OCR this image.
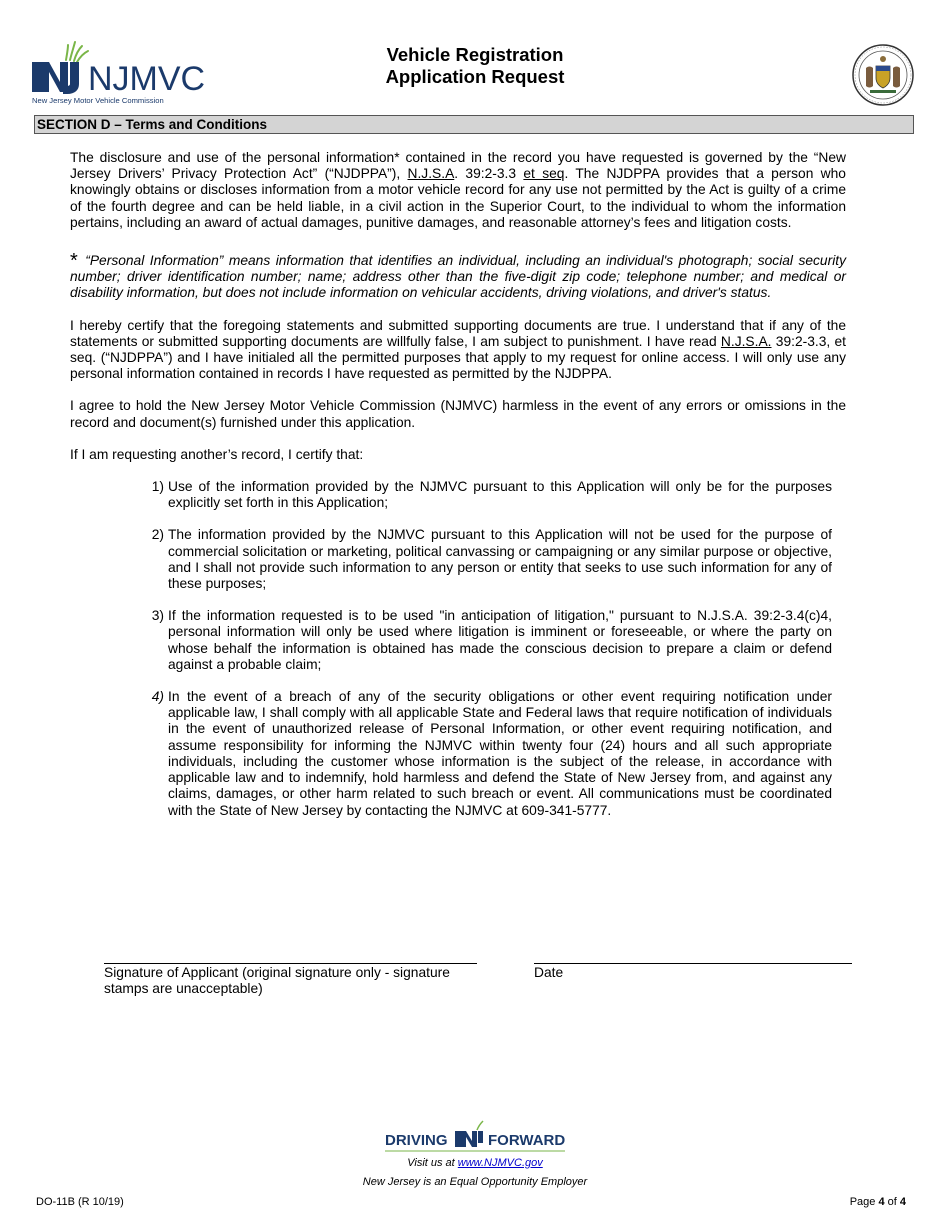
NJMVC
New Jersey Motor Vehicle Commission
Vehicle Registration
Application Request
SECTION D – Terms and Conditions

The disclosure and use of the personal information* contained in the record you have requested is governed by the “New Jersey Drivers’ Privacy Protection Act” (“NJDPPA”), N.J.S.A. 39:2-3.3 et seq. The NJDPPA provides that a person who knowingly obtains or discloses information from a motor vehicle record for any use not permitted by the Act is guilty of a crime of the fourth degree and can be held liable, in a civil action in the Superior Court, to the individual to whom the information pertains, including an award of actual damages, punitive damages, and reasonable attorney’s fees and litigation costs.

* “Personal Information” means information that identifies an individual, including an individual's photograph; social security number; driver identification number; name; address other than the five-digit zip code; telephone number; and medical or disability information, but does not include information on vehicular accidents, driving violations, and driver's status.

I hereby certify that the foregoing statements and submitted supporting documents are true. I understand that if any of the statements or submitted supporting documents are willfully false, I am subject to punishment. I have read N.J.S.A. 39:2-3.3, et seq. (“NJDPPA”) and I have initialed all the permitted purposes that apply to my request for online access. I will only use any personal information contained in records I have requested as permitted by the NJDPPA.

I agree to hold the New Jersey Motor Vehicle Commission (NJMVC) harmless in the event of any errors or omissions in the record and document(s) furnished under this application.

If I am requesting another’s record, I certify that:

1) Use of the information provided by the NJMVC pursuant to this Application will only be for the purposes explicitly set forth in this Application;
2) The information provided by the NJMVC pursuant to this Application will not be used for the purpose of commercial solicitation or marketing, political canvassing or campaigning or any similar purpose or objective, and I shall not provide such information to any person or entity that seeks to use such information for any of these purposes;
3) If the information requested is to be used "in anticipation of litigation," pursuant to N.J.S.A. 39:2-3.4(c)4, personal information will only be used where litigation is imminent or foreseeable, or where the party on whose behalf the information is obtained has made the conscious decision to prepare a claim or defend against a probable claim;
4) In the event of a breach of any of the security obligations or other event requiring notification under applicable law, I shall comply with all applicable State and Federal laws that require notification of individuals in the event of unauthorized release of Personal Information, or other event requiring notification, and assume responsibility for informing the NJMVC within twenty four (24) hours and all such appropriate individuals, including the customer whose information is the subject of the release, in accordance with applicable law and to indemnify, hold harmless and defend the State of New Jersey from, and against any claims, damages, or other harm related to such breach or event. All communications must be coordinated with the State of New Jersey by contacting the NJMVC at 609-341-5777.
Signature of Applicant (original signature only - signature stamps are unacceptable)
Date
DRIVING	FORWARD
Visit us at www.NJMVC.gov
New Jersey is an Equal Opportunity Employer
DO-11B (R 10/19)	Page 4 of 4
